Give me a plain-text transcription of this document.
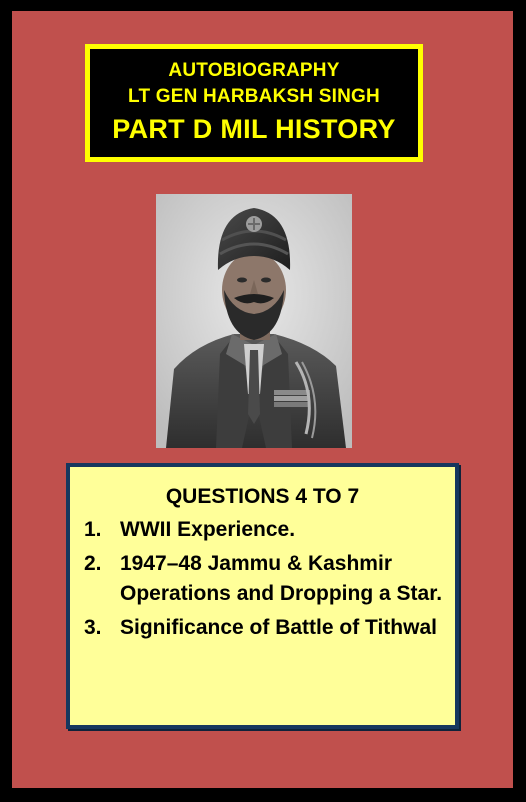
AUTOBIOGRAPHY
LT GEN HARBAKSH SINGH
PART D MIL HISTORY
QUESTIONS 4 TO 7
1. WWII Experience.
2. 1947–48 Jammu & Kashmir Operations and Dropping a Star.
3. Significance of Battle of Tithwal
